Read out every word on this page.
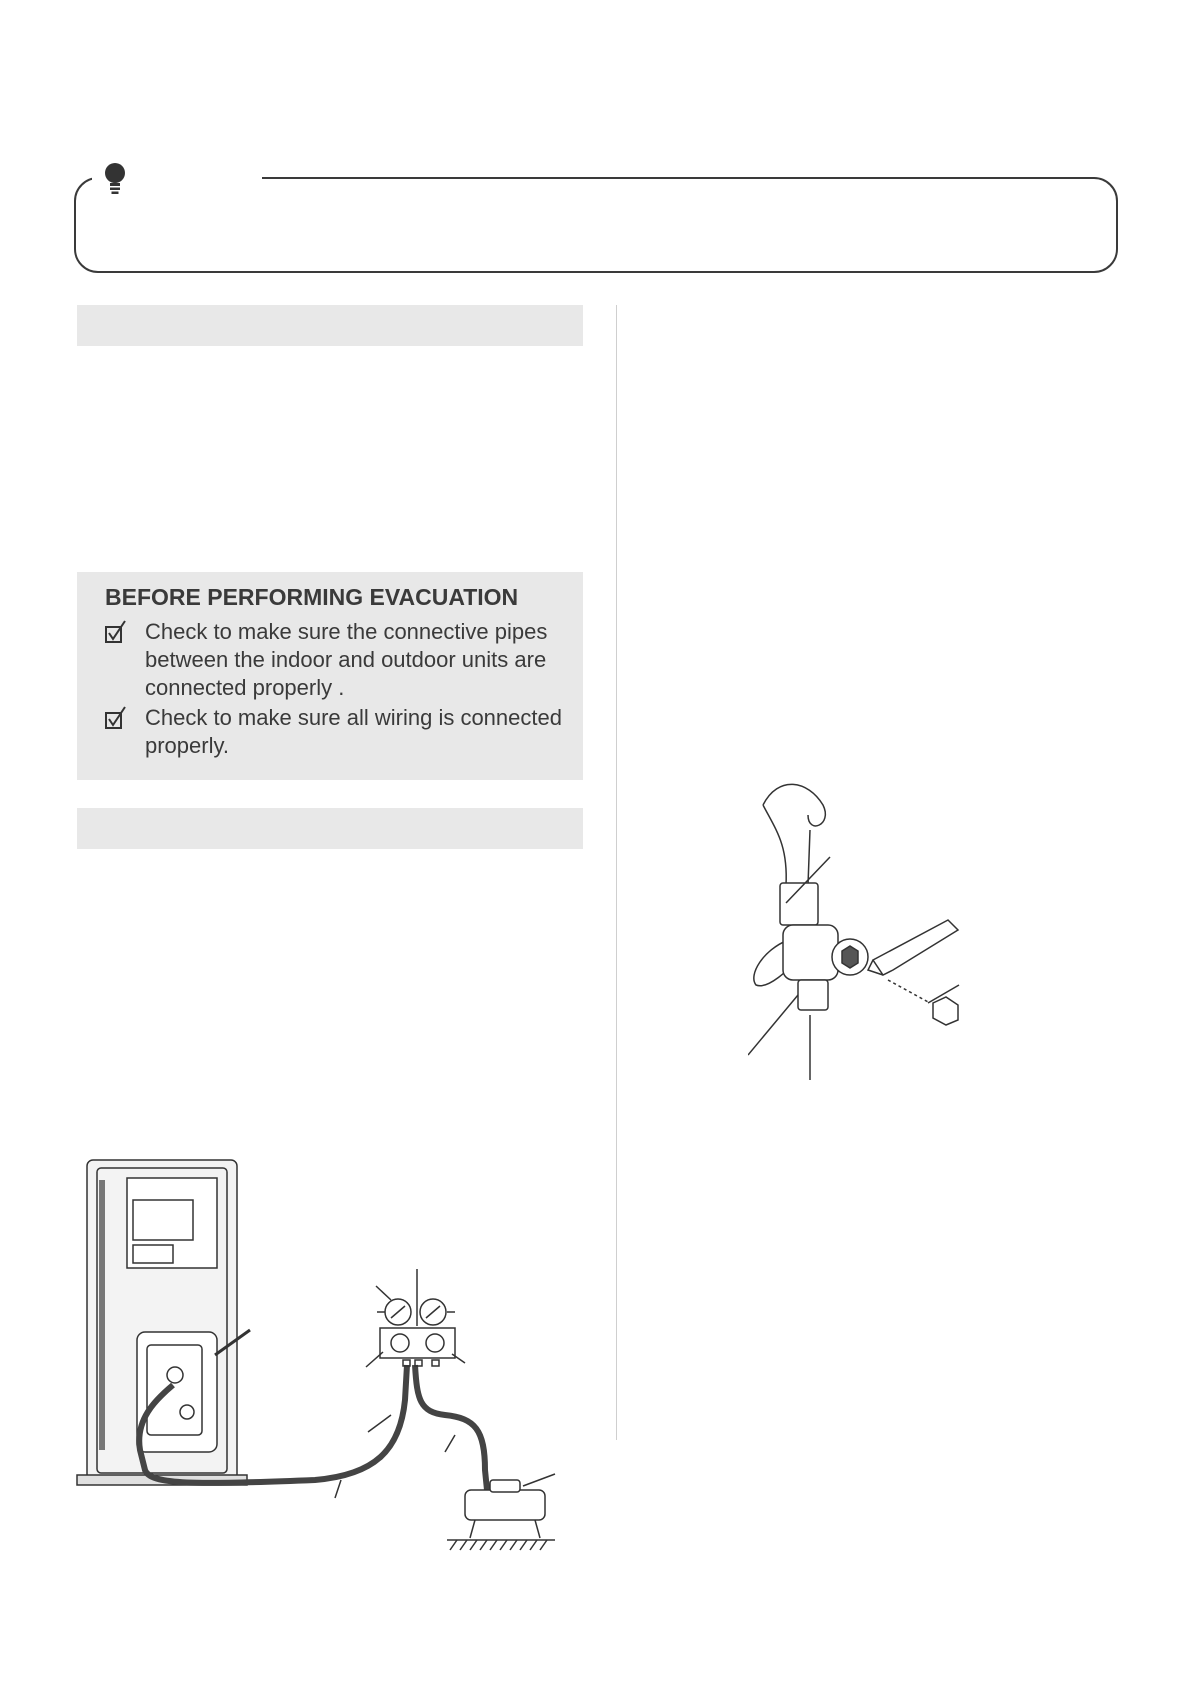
BEFORE PERFORMING EVACUATION
Check to make sure the connective pipes between the indoor and outdoor units are connected properly .
Check to make sure all wiring is connected properly.
